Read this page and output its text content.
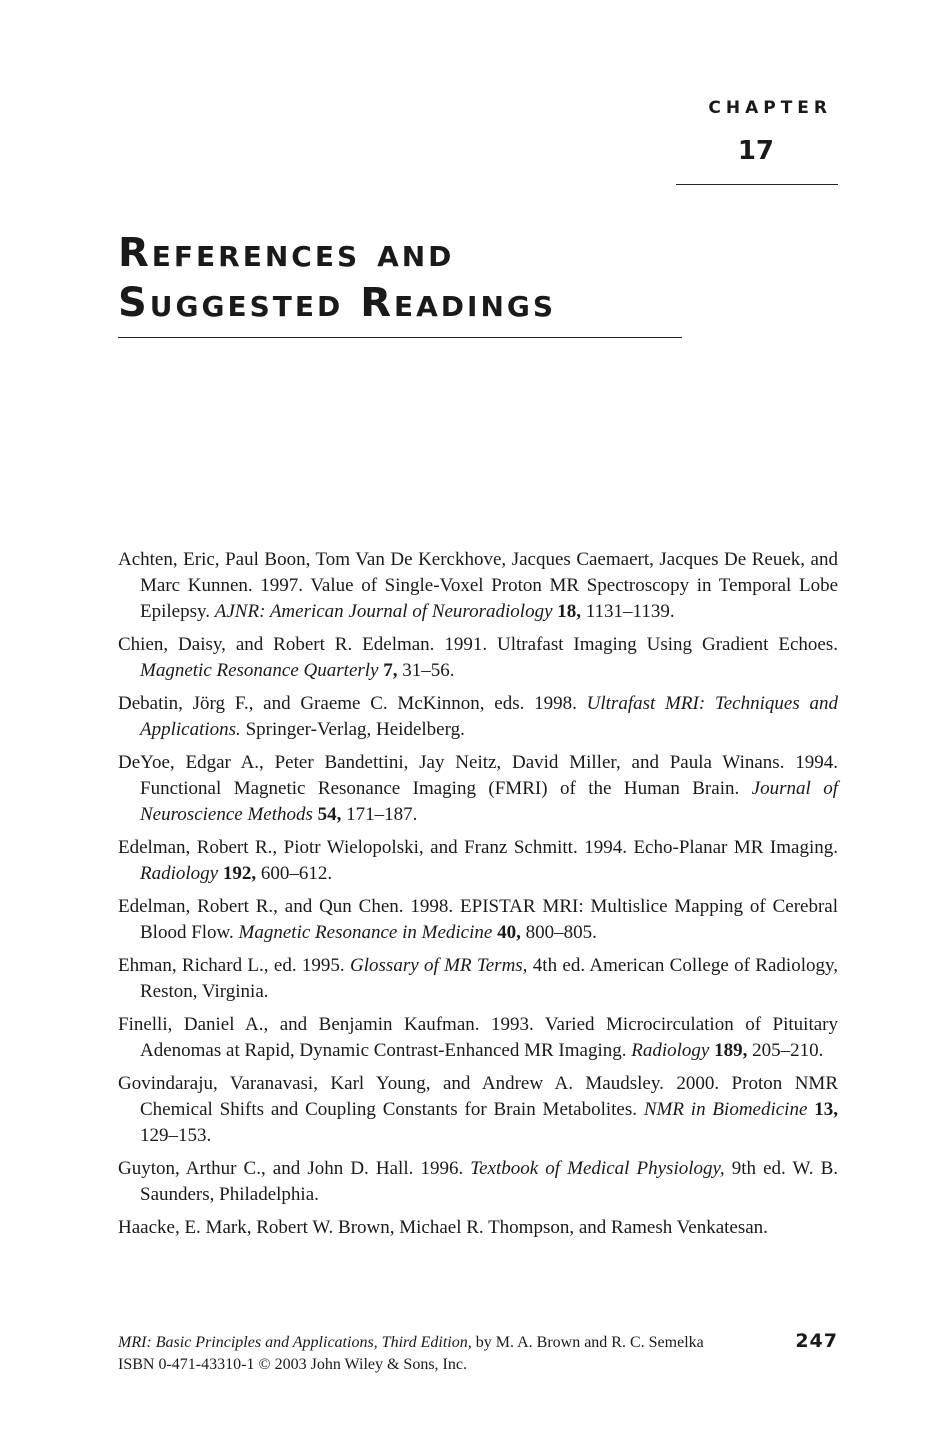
CHAPTER
17
References and
Suggested Readings

Achten, Eric, Paul Boon, Tom Van De Kerckhove, Jacques Caemaert, Jacques De Reuek, and Marc Kunnen. 1997. Value of Single-Voxel Proton MR Spectroscopy in Temporal Lobe Epilepsy. AJNR: American Journal of Neuroradiology 18, 1131–1139.

Chien, Daisy, and Robert R. Edelman. 1991. Ultrafast Imaging Using Gradient Echoes. Magnetic Resonance Quarterly 7, 31–56.

Debatin, Jörg F., and Graeme C. McKinnon, eds. 1998. Ultrafast MRI: Techniques and Applications. Springer-Verlag, Heidelberg.

DeYoe, Edgar A., Peter Bandettini, Jay Neitz, David Miller, and Paula Winans. 1994. Functional Magnetic Resonance Imaging (FMRI) of the Human Brain. Journal of Neuroscience Methods 54, 171–187.

Edelman, Robert R., Piotr Wielopolski, and Franz Schmitt. 1994. Echo-Planar MR Imaging. Radiology 192, 600–612.

Edelman, Robert R., and Qun Chen. 1998. EPISTAR MRI: Multislice Mapping of Cerebral Blood Flow. Magnetic Resonance in Medicine 40, 800–805.

Ehman, Richard L., ed. 1995. Glossary of MR Terms, 4th ed. American College of Radiology, Reston, Virginia.

Finelli, Daniel A., and Benjamin Kaufman. 1993. Varied Microcirculation of Pituitary Adenomas at Rapid, Dynamic Contrast-Enhanced MR Imaging. Radiology 189, 205–210.

Govindaraju, Varanavasi, Karl Young, and Andrew A. Maudsley. 2000. Proton NMR Chemical Shifts and Coupling Constants for Brain Metabolites. NMR in Biomedicine 13, 129–153.

Guyton, Arthur C., and John D. Hall. 1996. Textbook of Medical Physiology, 9th ed. W. B. Saunders, Philadelphia.

Haacke, E. Mark, Robert W. Brown, Michael R. Thompson, and Ramesh Venkatesan.

MRI: Basic Principles and Applications, Third Edition, by M. A. Brown and R. C. Semelka	247
ISBN 0-471-43310-1 © 2003 John Wiley & Sons, Inc.
